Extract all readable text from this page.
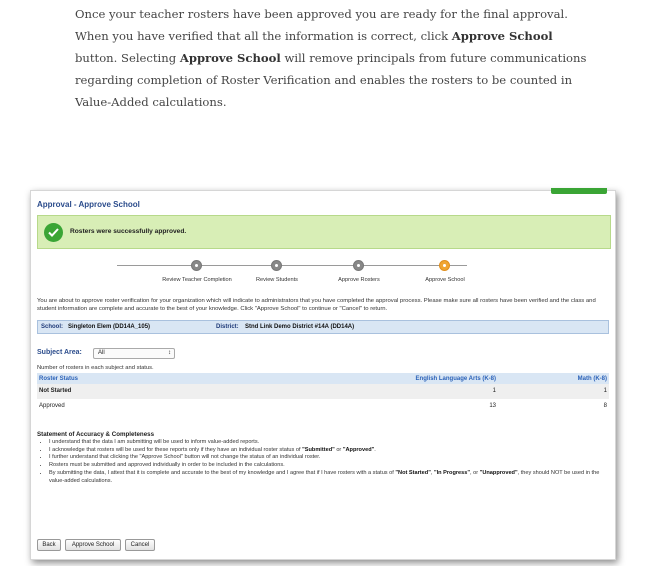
Once your teacher rosters have been approved you are ready for the final approval. When you have verified that all the information is correct, click Approve School button. Selecting Approve School will remove principals from future communications regarding completion of Roster Verification and enables the rosters to be counted in Value-Added calculations.
Approval - Approve School
Rosters were successfully approved.
Review Teacher Completion	Review Students	Approve Rosters	Approve School
You are about to approve roster verification for your organization which will indicate to administrators that you have completed the approval process. Please make sure all rosters have been verified and the class and student information are complete and accurate to the best of your knowledge. Click "Approve School" to continue or "Cancel" to return.
School: Singleton Elem (DD14A_105)	District: Stnd Link Demo District #14A (DD14A)
Subject Area:	All	↕
Number of rosters in each subject and status.
Roster Status	English Language Arts (K-8)	Math (K-8)
Not Started	1	1
Approved	13	8
Statement of Accuracy & Completeness
• I understand that the data I am submitting will be used to inform value-added reports.
• I acknowledge that rosters will be used for these reports only if they have an individual roster status of "Submitted" or "Approved".
• I further understand that clicking the "Approve School" button will not change the status of an individual roster.
• Rosters must be submitted and approved individually in order to be included in the calculations.
• By submitting the data, I attest that it is complete and accurate to the best of my knowledge and I agree that if I have rosters with a status of "Not Started", "In Progress", or "Unapproved", they should NOT be used in the value-added calculations.
Back	Approve School	Cancel
